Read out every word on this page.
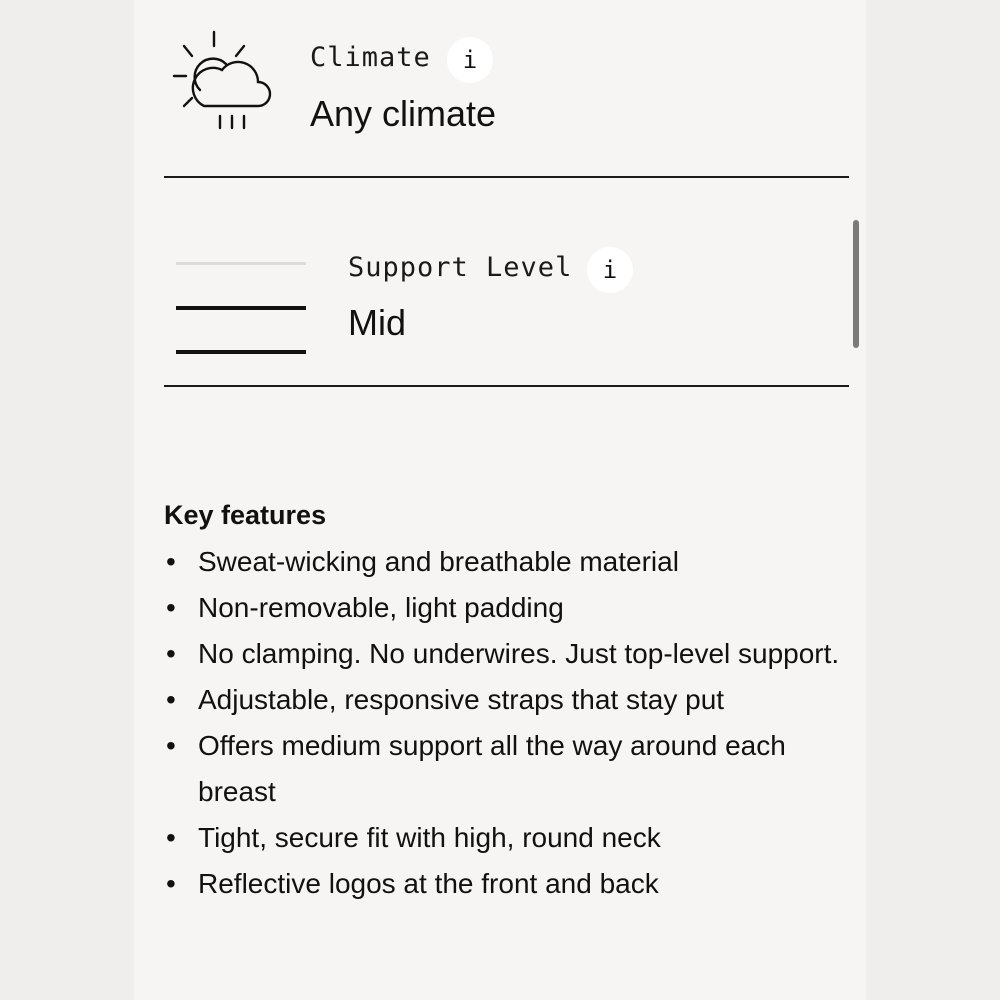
Climate i
Any climate
Support Level i
Mid
Key features
• Sweat-wicking and breathable material
• Non-removable, light padding
• No clamping. No underwires. Just top-level support.
• Adjustable, responsive straps that stay put
• Offers medium support all the way around each breast
• Tight, secure fit with high, round neck
• Reflective logos at the front and back
